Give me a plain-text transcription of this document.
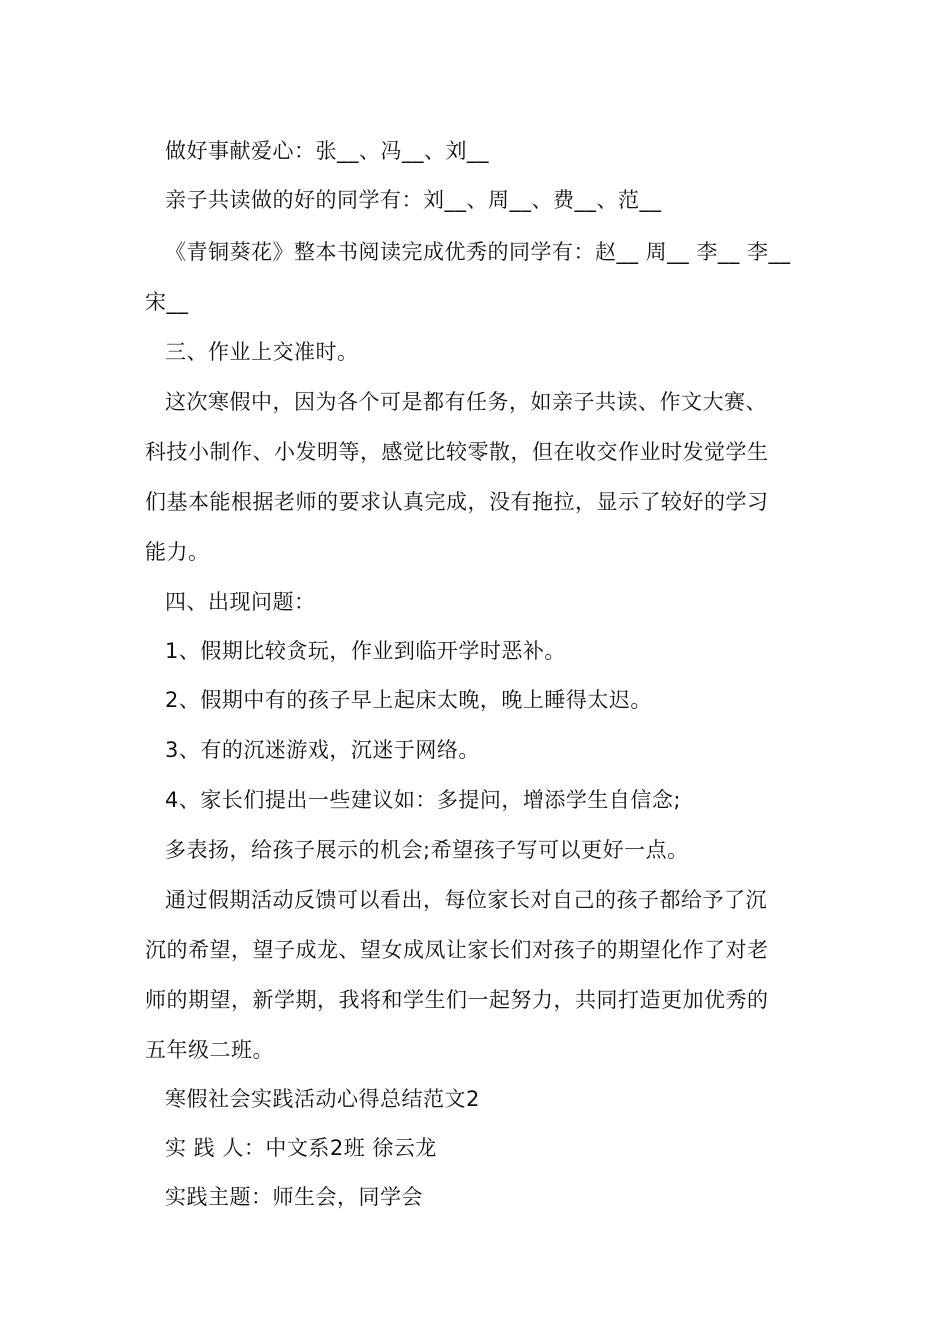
做好事献爱心：张__、冯__、刘__
亲子共读做的好的同学有：刘__、周__、费__、范__
《青铜葵花》整本书阅读完成优秀的同学有：赵__ 周__ 李__ 李__
宋__
三、作业上交准时。
这次寒假中，因为各个可是都有任务，如亲子共读、作文大赛、
科技小制作、小发明等，感觉比较零散，但在收交作业时发觉学生
们基本能根据老师的要求认真完成，没有拖拉，显示了较好的学习
能力。
四、出现问题：
1、假期比较贪玩，作业到临开学时恶补。
2、假期中有的孩子早上起床太晚，晚上睡得太迟。
3、有的沉迷游戏，沉迷于网络。
4、家长们提出一些建议如：多提问，增添学生自信念;
多表扬，给孩子展示的机会;希望孩子写可以更好一点。
通过假期活动反馈可以看出，每位家长对自己的孩子都给予了沉
沉的希望，望子成龙、望女成凤让家长们对孩子的期望化作了对老
师的期望，新学期，我将和学生们一起努力，共同打造更加优秀的
五年级二班。
寒假社会实践活动心得总结范文2
实 践 人：中文系2班 徐云龙
实践主题：师生会，同学会
